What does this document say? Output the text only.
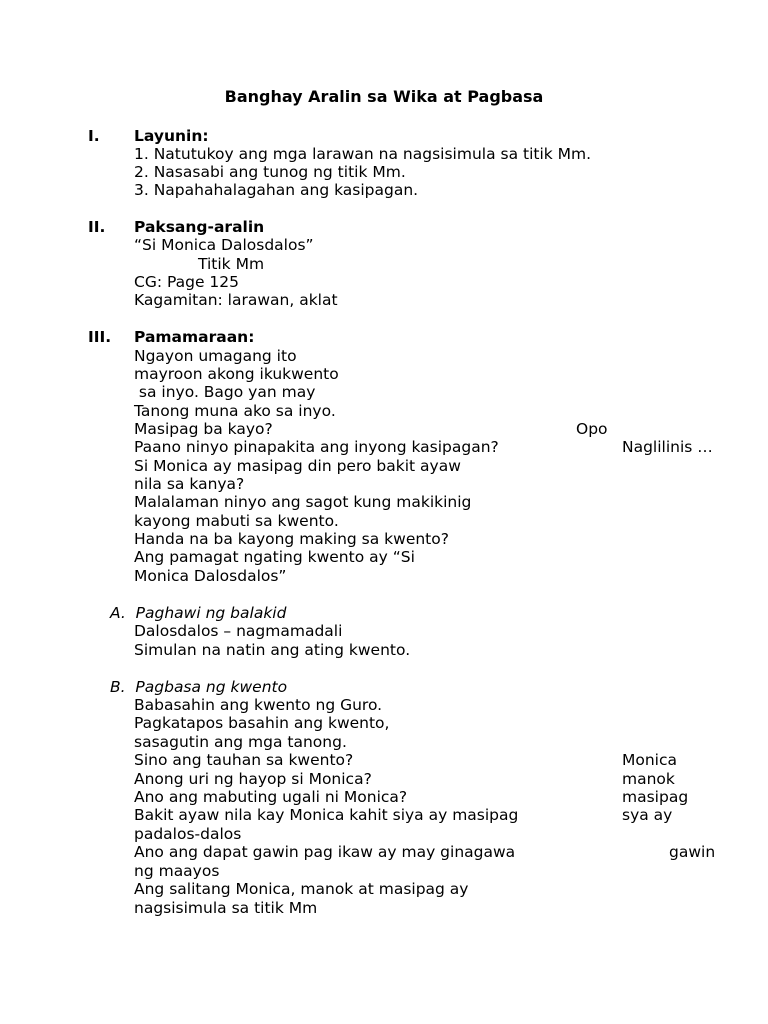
Banghay Aralin sa Wika at Pagbasa
I. Layunin:
1. Natutukoy ang mga larawan na nagsisimula sa titik Mm.
2. Nasasabi ang tunog ng titik Mm.
3. Napahahalagahan ang kasipagan.
II. Paksang-aralin
“Si Monica Dalosdalos”
Titik Mm
CG: Page 125
Kagamitan: larawan, aklat
III. Pamamaraan:
Ngayon umagang ito
mayroon akong ikukwento
sa inyo. Bago yan may
Tanong muna ako sa inyo.
Masipag ba kayo?	Opo
Paano ninyo pinapakita ang inyong kasipagan?	Naglilinis …
Si Monica ay masipag din pero bakit ayaw
nila sa kanya?
Malalaman ninyo ang sagot kung makikinig
kayong mabuti sa kwento.
Handa na ba kayong making sa kwento?
Ang pamagat ngating kwento ay “Si
Monica Dalosdalos”
A.  Paghawi ng balakid
Dalosdalos – nagmamadali
Simulan na natin ang ating kwento.
B.  Pagbasa ng kwento
Babasahin ang kwento ng Guro.
Pagkatapos basahin ang kwento,
sasagutin ang mga tanong.
Sino ang tauhan sa kwento?	Monica
Anong uri ng hayop si Monica?	manok
Ano ang mabuting ugali ni Monica?	masipag
Bakit ayaw nila kay Monica kahit siya ay masipag	sya ay
padalos-dalos
Ano ang dapat gawin pag ikaw ay may ginagawa	gawin
ng maayos
Ang salitang Monica, manok at masipag ay
nagsisimula sa titik Mm
